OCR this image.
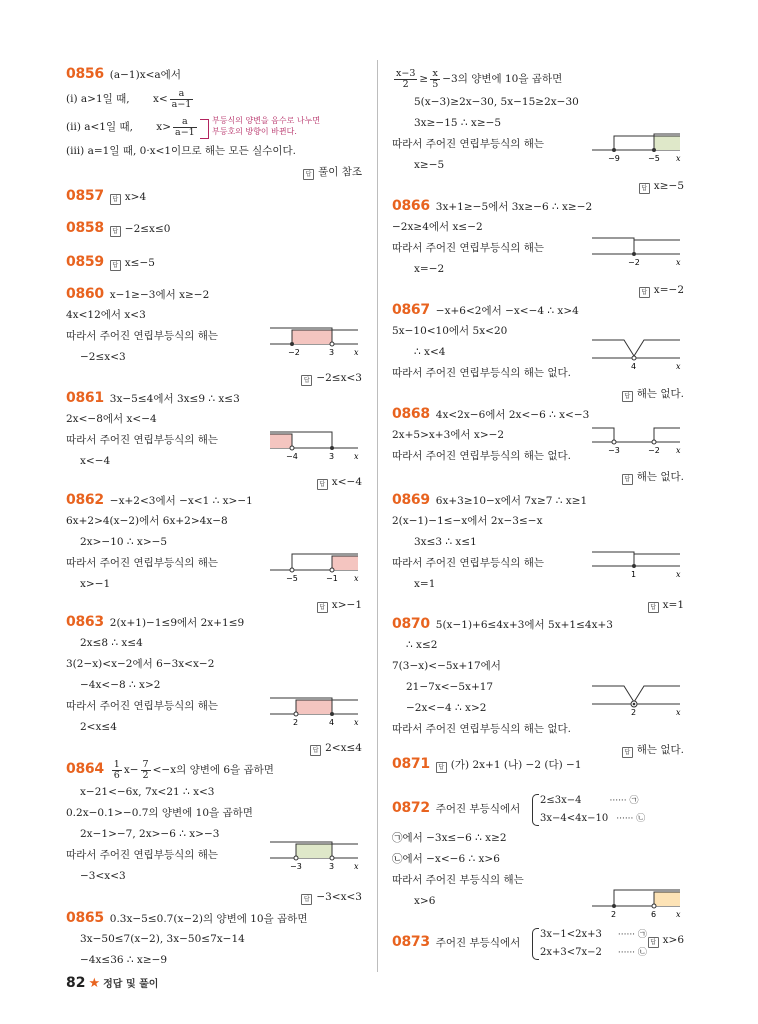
0856 (a−1)x<a에서
(ⅰ) a>1일 때, $x< \frac{a}{a-1}$
(ⅱ) a<1일 때, $x> \frac{a}{a-1}$ 부등식의 양변을 음수로 나누면
부등호의 방향이 바뀐다.
(ⅲ) a=1일 때, 0·x<1이므로 해는 모든 실수이다.
답 풀이 참조
0857 답 x>4
0858 답 −2≤x≤0
0859 답 x≤−5
0860 x−1≥−3에서 x≥−2
4x<12에서 x<3
따라서 주어진 연립부등식의 해는
−2≤x<3	−2	3 x
답 −2≤x<3
0861 3x−5≤4에서 3x≤9 ∴ x≤3
2x<−8에서 x<−4
따라서 주어진 연립부등식의 해는
x<−4	−4	3 x
답 x<−4
0862 −x+2<3에서 −x<1 ∴ x>−1
6x+2>4(x−2)에서 6x+2>4x−8
2x>−10 ∴ x>−5
따라서 주어진 연립부등식의 해는
x>−1	−5	−1 x
답 x>−1
0863 2(x+1)−1≤9에서 2x+1≤9
2x≤8 ∴ x≤4
3(2−x)<x−2에서 6−3x<x−2
−4x<−8 ∴ x>2
따라서 주어진 연립부등식의 해는
2<x≤4	2	4 x
답 2<x≤4
$0864 \frac{1}{6} x- \frac{7}{2} <-x$의 양변에 6을 곱하면
x−21<−6x, 7x<21 ∴ x<3
0.2x−0.1>−0.7의 양변에 10을 곱하면
2x−1>−7, 2x>−6 ∴ x>−3
따라서 주어진 연립부등식의 해는
−3<x<3
−3	3 x
답 −3<x<3
0865 0.3x−5≤0.7(x−2)의 양변에 10을 곱하면
3x−50≤7(x−2), 3x−50≤7x−14
−4x≤36 ∴ x≥−9
$\frac{x-3}{2} \ge \frac{x}{5} -3$의 양변에 10을 곱하면
5(x−3)≥2x−30, 5x−15≥2x−30
3x≥−15 ∴ x≥−5
따라서 주어진 연립부등식의 해는
x≥−5
−9	−5 x
답 x≥−5
0866 3x+1≥−5에서 3x≥−6 ∴ x≥−2
−2x≥4에서 x≤−2
따라서 주어진 연립부등식의 해는
x=−2
−2	x
답 x=−2
0867 −x+6<2에서 −x<−4 ∴ x>4
5x−10<10에서 5x<20
∴ x<4
따라서 주어진 연립부등식의 해는 없다.
4	x
답 해는 없다.
0868 4x<2x−6에서 2x<−6 ∴ x<−3
2x+5>x+3에서 x>−2
따라서 주어진 연립부등식의 해는 없다.	−3	−2 x
답 해는 없다.
0869 6x+3≥10−x에서 7x≥7 ∴ x≥1
2(x−1)−1≤−x에서 2x−3≤−x
3x≤3 ∴ x≤1
따라서 주어진 연립부등식의 해는
x=1
1	x
답 x=1
0870 5(x−1)+6≤4x+3에서 5x+1≤4x+3
∴ x≤2
7(3−x)<−5x+17에서
21−7x<−5x+17
−2x<−4 ∴ x>2
따라서 주어진 연립부등식의 해는 없다.
2	x
답 해는 없다.
0871 답 (가) 2x+1 (나) −2 (다) −1
0872 주어진 부등식에서
2≤3x−4	······ ㉠
3x−4<4x−10 ······ ㉡
㉠에서 −3x≤−6 ∴ x≥2
㉡에서 −x<−6 ∴ x>6
따라서 주어진 부등식의 해는
x>6
2	6 x
답 x>6
0873 주어진 부등식에서
3x−1<2x+3 ······ ㉠
2x+3<7x−2 ······ ㉡
82 ★ 정답 및 풀이
